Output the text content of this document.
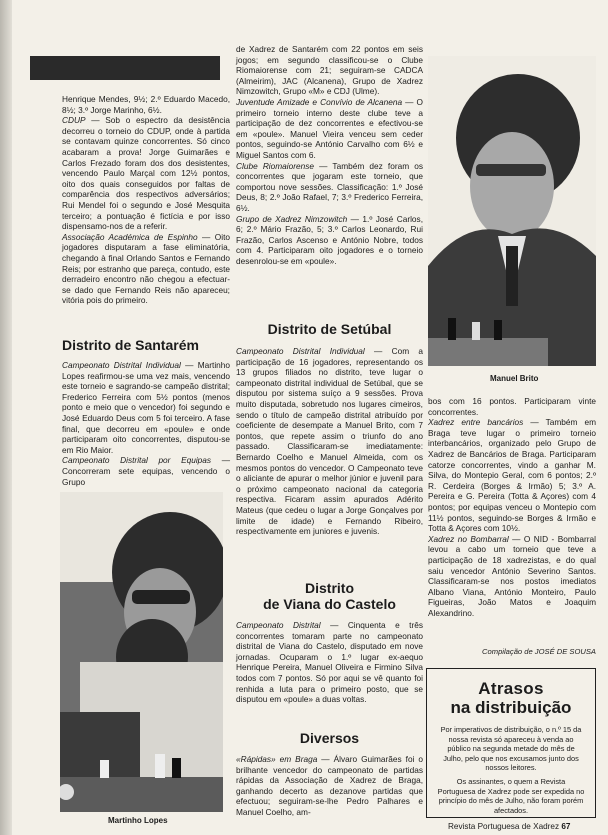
Henrique Mendes, 9½; 2.º Eduardo Macedo, 8½; 3.º Jorge Marinho, 6½.

CDUP — Sob o espectro da desistência decorreu o torneio do CDUP, onde à partida se contavam quinze concorrentes. Só cinco acabaram a prova! Jorge Guimarães e Carlos Frezado foram dos dos desistentes, vencendo Paulo Marçal com 12½ pontos, oito dos quais conseguidos por faltas de comparência dos respectivos adversários; Rui Mendel foi o segundo e José Mesquita terceiro; a pontuação é fictícia e por isso dispensamo-nos de a referir.

Associação Académica de Espinho — Oito jogadores disputaram a fase eliminatória, chegando à final Orlando Santos e Fernando Reis; por estranho que pareça, contudo, este derradeiro encontro não chegou a efectuar-se dado que Fernando Reis não apareceu; vitória pois do primeiro.

Distrito de Santarém

Campeonato Distrital Individual — Martinho Lopes reafirmou-se uma vez mais, vencendo este torneio e sagrando-se campeão distrital; Frederico Ferreira com 5½ pontos (menos ponto e meio que o vencedor) foi segundo e José Eduardo Deus com 5 foi terceiro. A fase final, que decorreu em «poule» e onde participaram oito concorrentes, disputou-se em Rio Maior.

Campeonato Distrital por Equipas — Concorreram sete equipas, vencendo o Grupo

Martinho Lopes

de Xadrez de Santarém com 22 pontos em seis jogos; em segundo classificou-se o Clube Riomaiorense com 21; seguiram-se CADCA (Almeirim), JAC (Alcanena), Grupo de Xadrez Nimzowitch, Grupo «M» e CDJ (Ulme).

Juventude Amizade e Convívio de Alcanena — O primeiro torneio interno deste clube teve a participação de dez concorrentes e efectivou-se em «poule». Manuel Vieira venceu sem ceder pontos, seguindo-se António Carvalho com 6½ e Miguel Santos com 6.

Clube Riomaiorense — Também dez foram os concorrentes que jogaram este torneio, que comportou nove sessões. Classificação: 1.º José Deus, 8; 2.º João Rafael, 7; 3.º Frederico Ferreira, 6½.

Grupo de Xadrez Nimzowitch — 1.º José Carlos, 6; 2.º Mário Frazão, 5; 3.º Carlos Leonardo, Rui Frazão, Carlos Ascenso e António Nobre, todos com 4. Participaram oito jogadores e o torneio desenrolou-se em «poule».

Distrito de Setúbal

Campeonato Distrital Individual — Com a participação de 16 jogadores, representando os 13 grupos filiados no distrito, teve lugar o campeonato distrital individual de Setúbal, que se disputou por sistema suíço a 9 sessões. Prova muito disputada, sobretudo nos lugares cimeiros, sendo o título de campeão distrital atribuído por coeficiente de desempate a Manuel Brito, com 7 pontos, que repete assim o triunfo do ano passado. Classificaram-se imediatamente: Bernardo Coelho e Manuel Almeida, com os mesmos pontos do vencedor. O Campeonato teve o aliciante de apurar o melhor júnior e juvenil para o próximo campeonato nacional da categoria respectiva. Ficaram assim apurados Adérito Mateus (que cedeu o lugar a Jorge Gonçalves por limite de idade) e Fernando Ribeiro, respectivamente em juniores e juvenis.

Distrito
de Viana do Castelo

Campeonato Distrital — Cinquenta e três concorrentes tomaram parte no campeonato distrital de Viana do Castelo, disputado em nove jornadas. Ocuparam o 1.º lugar ex-aequo Henrique Pereira, Manuel Oliveira e Firmino Silva todos com 7 pontos. Só por aqui se vê quanto foi renhida a luta para o primeiro posto, que se disputou em «poule» a duas voltas.

Diversos

«Rápidas» em Braga — Álvaro Guimarães foi o brilhante vencedor do campeonato de partidas rápidas da Associação de Xadrez de Braga, ganhando decerto as dezanove partidas que efectuou; seguiram-se-lhe Pedro Palhares e Manuel Coelho, am-

Manuel Brito

bos com 16 pontos. Participaram vinte concorrentes.

Xadrez entre bancários — Também em Braga teve lugar o primeiro torneio interbancários, organizado pelo Grupo de Xadrez de Bancários de Braga. Participaram catorze concorrentes, vindo a ganhar M. Silva, do Montepio Geral, com 6 pontos; 2.º R. Cerdeira (Borges & Irmão) 5; 3.º A. Pereira e G. Pereira (Totta & Açores) com 4 pontos; por equipas venceu o Montepio com 11½ pontos, seguindo-se Borges & Irmão e Totta & Açores com 10½.

Xadrez no Bombarral — O NID - Bombarral levou a cabo um torneio que teve a participação de 18 xadrezistas, e do qual saiu vencedor António Severino Santos. Classificaram-se nos postos imediatos Albano Viana, António Monteiro, Paulo Figueiras, João Matos e Joaquim Alexandrino.

Compilação de JOSÉ DE SOUSA
Atrasos
na distribuição
Por imperativos de distribuição, o n.º 15 da nossa revista só apareceu à venda ao público na segunda metade do mês de Julho, pelo que nos excusamos junto dos nossos leitores.
Os assinantes, o quem a Revista Portuguesa de Xadrez pode ser expedida no princípio do mês de Julho, não foram porém afectados.
Revista Portuguesa de Xadrez 67
